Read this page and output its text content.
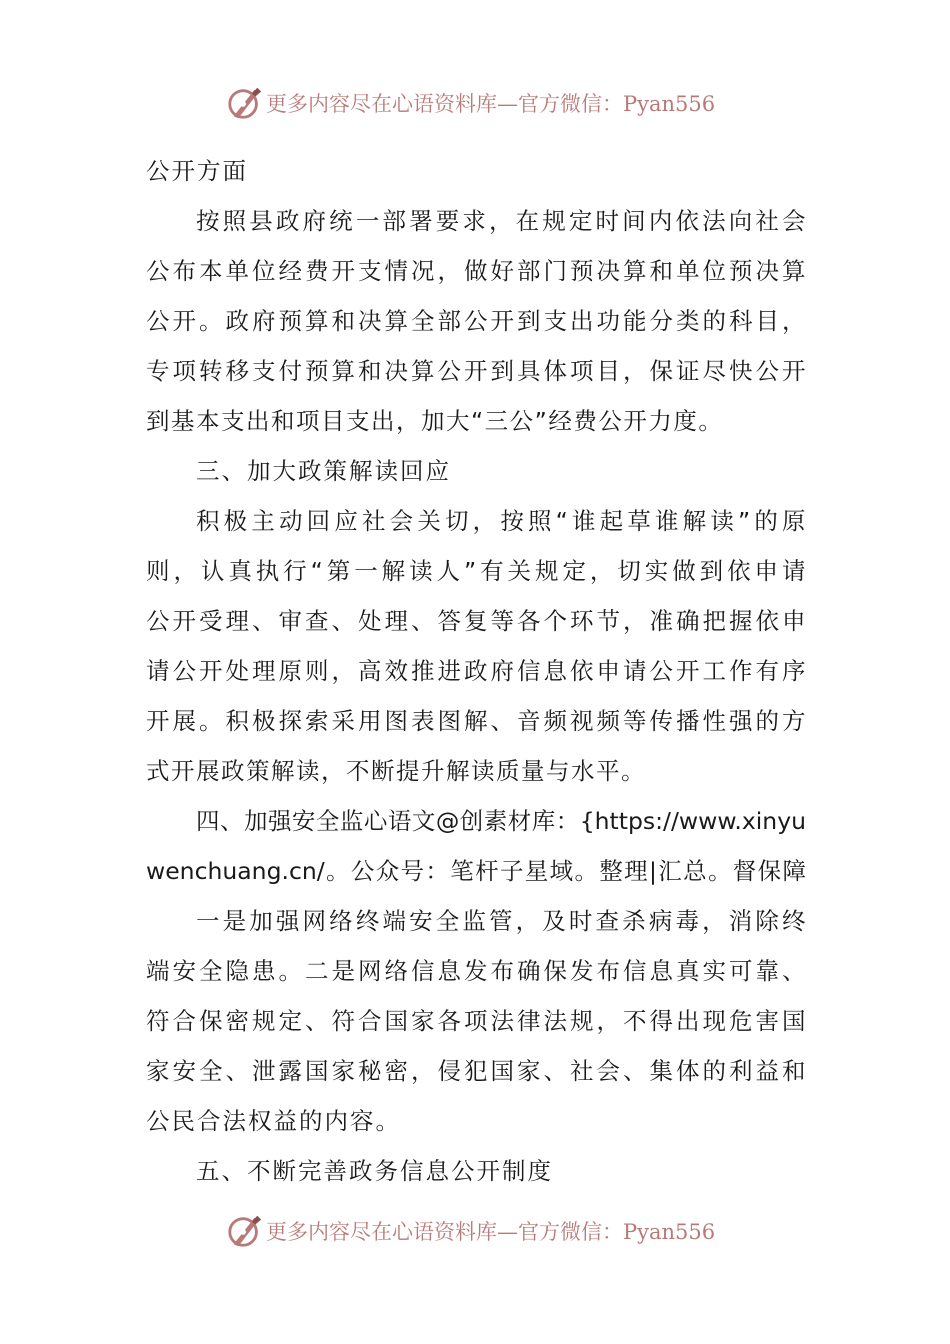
更多内容尽在心语资料库—官方微信：Pyan556
公开方面
按照县政府统一部署要求，在规定时间内依法向社会
公布本单位经费开支情况，做好部门预决算和单位预决算
公开。政府预算和决算全部公开到支出功能分类的科目，
专项转移支付预算和决算公开到具体项目，保证尽快公开
到基本支出和项目支出，加大“三公”经费公开力度。
三、加大政策解读回应
积极主动回应社会关切，按照“谁起草谁解读”的原
则，认真执行“第一解读人”有关规定，切实做到依申请
公开受理、审查、处理、答复等各个环节，准确把握依申
请公开处理原则，高效推进政府信息依申请公开工作有序
开展。积极探索采用图表图解、音频视频等传播性强的方
式开展政策解读，不断提升解读质量与水平。
四、加强安全监心语文@创素材库：{https://www.xinyu
wenchuang.cn/。公众号：笔杆子星域。整理|汇总。督保障
一是加强网络终端安全监管，及时查杀病毒，消除终
端安全隐患。二是网络信息发布确保发布信息真实可靠、
符合保密规定、符合国家各项法律法规，不得出现危害国
家安全、泄露国家秘密，侵犯国家、社会、集体的利益和
公民合法权益的内容。
五、不断完善政务信息公开制度
更多内容尽在心语资料库—官方微信：Pyan556
